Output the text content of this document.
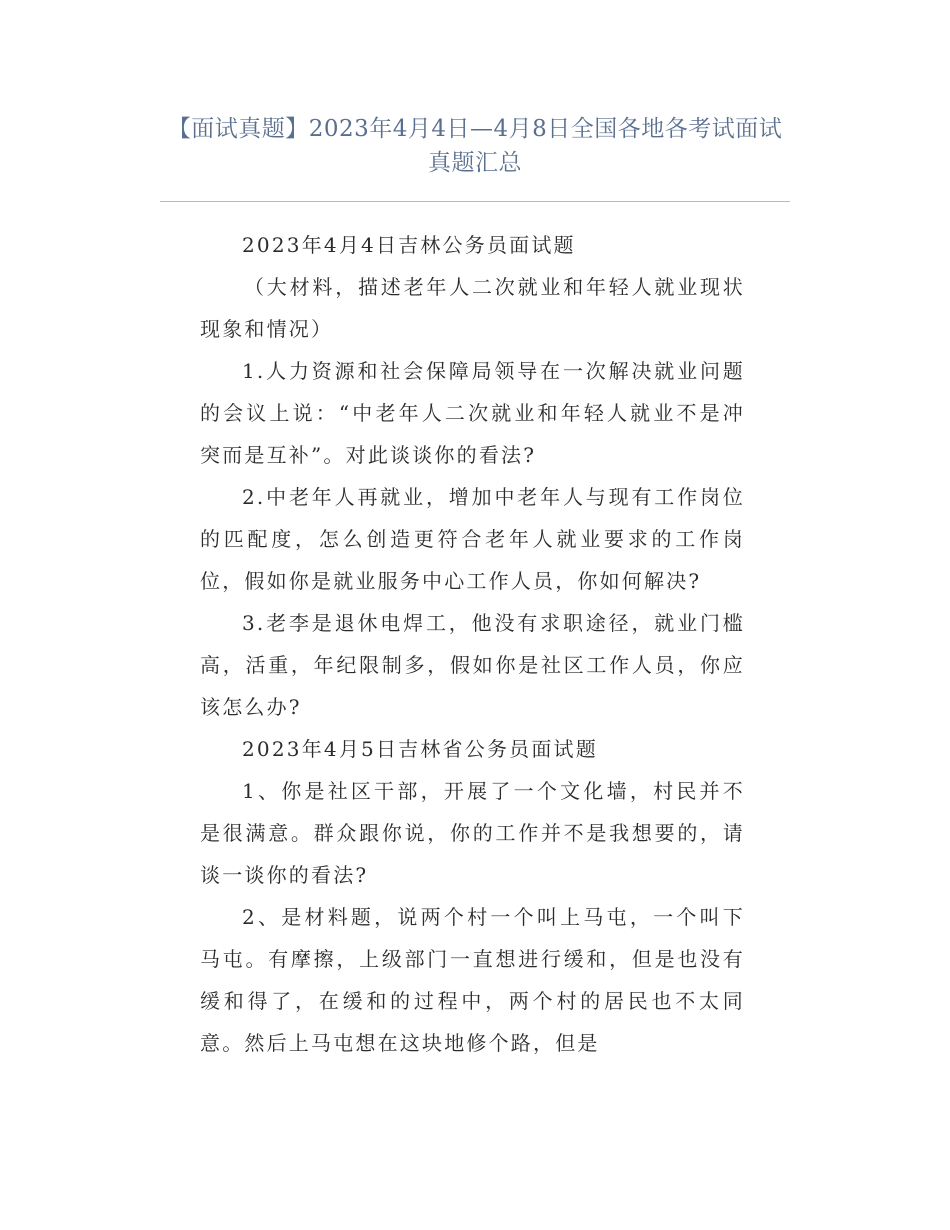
【面试真题】2023年4月4日—4月8日全国各地各考试面试真题汇总

2023年4月4日吉林公务员面试题

（大材料，描述老年人二次就业和年轻人就业现状现象和情况）

1.人力资源和社会保障局领导在一次解决就业问题的会议上说：“中老年人二次就业和年轻人就业不是冲突而是互补”。对此谈谈你的看法?

2.中老年人再就业，增加中老年人与现有工作岗位的匹配度，怎么创造更符合老年人就业要求的工作岗位，假如你是就业服务中心工作人员，你如何解决?

3.老李是退休电焊工，他没有求职途径，就业门槛高，活重，年纪限制多，假如你是社区工作人员，你应该怎么办?

2023年4月5日吉林省公务员面试题

1、你是社区干部，开展了一个文化墙，村民并不是很满意。群众跟你说，你的工作并不是我想要的，请谈一谈你的看法?

2、是材料题，说两个村一个叫上马屯，一个叫下马屯。有摩擦，上级部门一直想进行缓和，但是也没有缓和得了，在缓和的过程中，两个村的居民也不太同意。然后上马屯想在这块地修个路，但是
